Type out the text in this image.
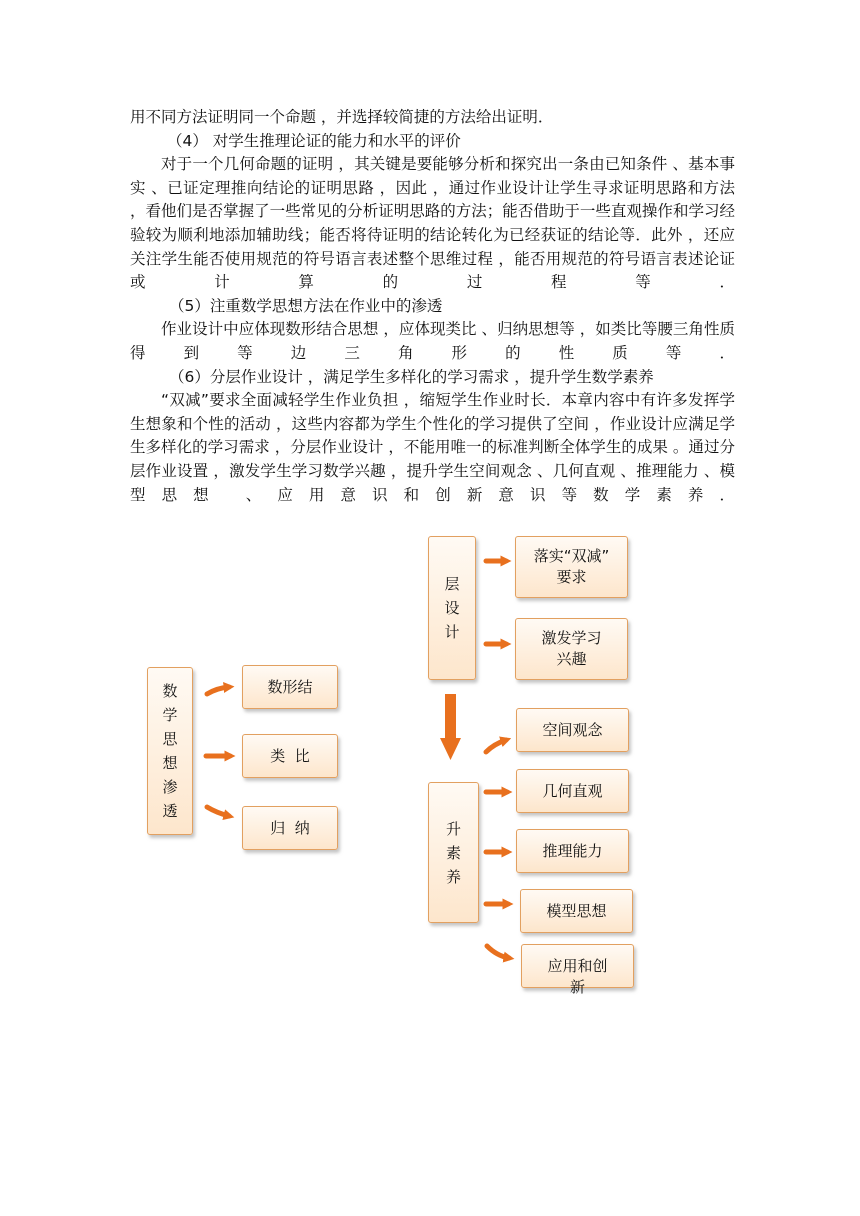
用不同方法证明同一个命题 ，并选择较简捷的方法给出证明．

（4） 对学生推理论证的能力和水平的评价

对于一个几何命题的证明 ，其关键是要能够分析和探究出一条由已知条件 、基本事实 、已证定理推向结论的证明思路 ，因此 ，通过作业设计让学生寻求证明思路和方法 ，看他们是否掌握了一些常见的分析证明思路的方法；能否借助于一些直观操作和学习经验较为顺利地添加辅助线；能否将待证明的结论转化为已经获证的结论等．此外 ，还应关注学生能否使用规范的符号语言表述整个思维过程 ，能否用规范的符号语言表述论证或计算的过程等．

（5）注重数学思想方法在作业中的渗透

作业设计中应体现数形结合思想 ，应体现类比 、归纳思想等 ，如类比等腰三角性质得到等边三角形的性质等．

（6）分层作业设计 ，满足学生多样化的学习需求 ，提升学生数学素养

“双减”要求全面减轻学生作业负担 ，缩短学生作业时长．本章内容中有许多发挥学生想象和个性的活动 ，这些内容都为学生个性化的学习提供了空间 ，作业设计应满足学生多样化的学习需求 ，分层作业设计 ，不能用唯一的标准判断全体学生的成果 。通过分层作业设置 ，激发学生学习数学兴趣 ，提升学生空间观念 、几何直观 、推理能力 、模型思想 、应用意识和创新意识等数学素养．

数
学
思
想
渗
透
数形结
类  比
归  纳
层
设
计
落实“双减”
要求
激发学习
兴趣
升
素
养
空间观念
几何直观
推理能力
模型思想
应用和创
新
